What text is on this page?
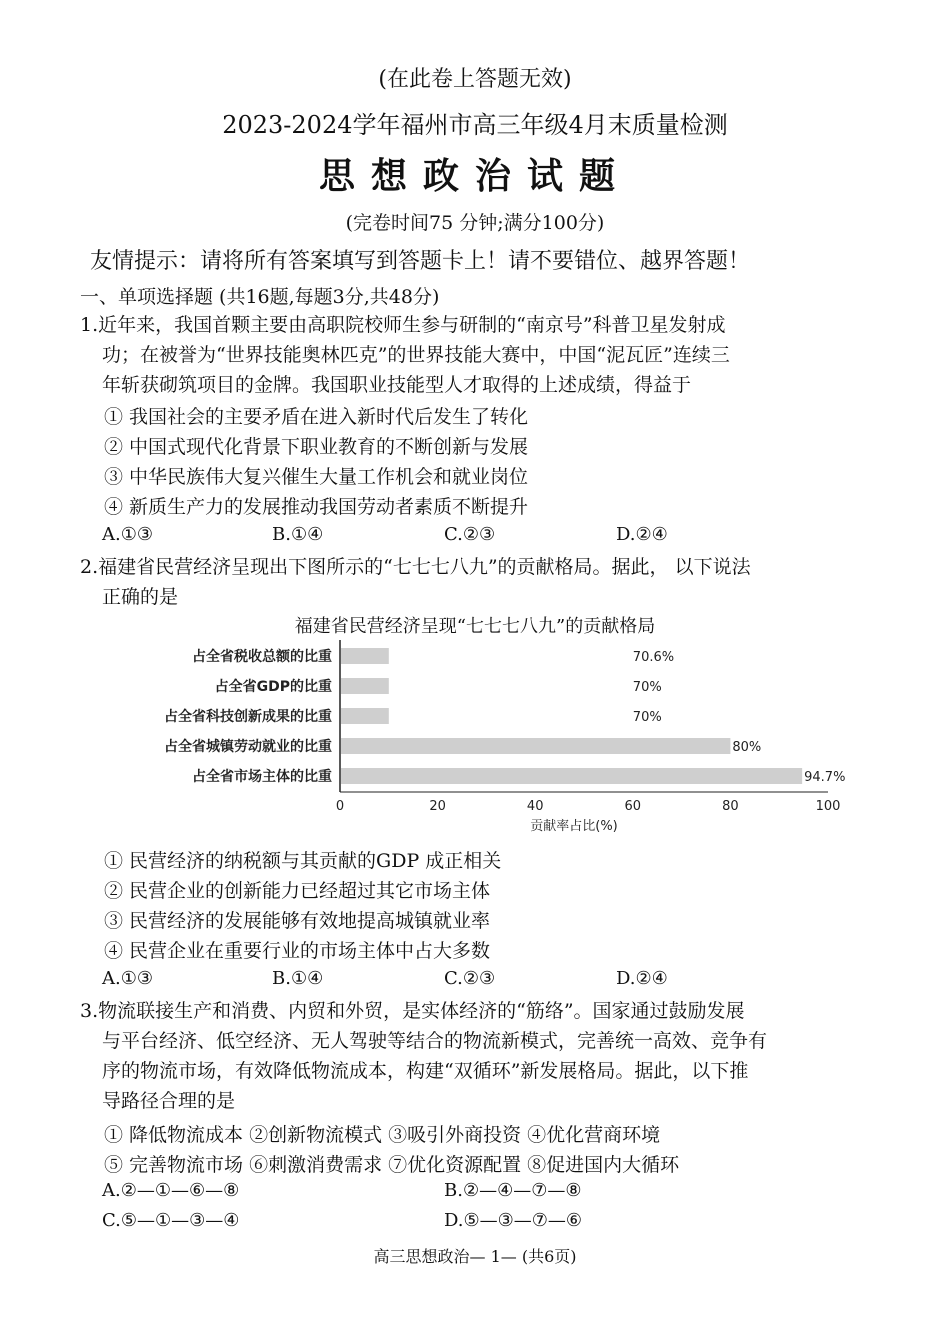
(在此卷上答题无效)
2023-2024学年福州市高三年级4月末质量检测
思想政治试题
(完卷时间75 分钟;满分100分)
友情提示：请将所有答案填写到答题卡上！请不要错位、越界答题！
一、单项选择题 (共16题,每题3分,共48分)
1.近年来，我国首颗主要由高职院校师生参与研制的“南京号”科普卫星发射成
功；在被誉为“世界技能奥林匹克”的世界技能大赛中，中国“泥瓦匠”连续三
年斩获砌筑项目的金牌。我国职业技能型人才取得的上述成绩，得益于
① 我国社会的主要矛盾在进入新时代后发生了转化
② 中国式现代化背景下职业教育的不断创新与发展
③ 中华民族伟大复兴催生大量工作机会和就业岗位
④ 新质生产力的发展推动我国劳动者素质不断提升
A.①③	B.①④	C.②③	D.②④
2.福建省民营经济呈现出下图所示的“七七七八九”的贡献格局。据此， 以下说法
正确的是
福建省民营经济呈现“七七七八九”的贡献格局
占全省税收总额的比重	70.6%
占全省GDP的比重	70%
占全省科技创新成果的比重	70%
占全省城镇劳动就业的比重	80%
占全省市场主体的比重	94.7%
0	20	40	60	80	100
贡献率占比(%)
① 民营经济的纳税额与其贡献的GDP 成正相关
② 民营企业的创新能力已经超过其它市场主体
③ 民营经济的发展能够有效地提高城镇就业率
④ 民营企业在重要行业的市场主体中占大多数
A.①③	B.①④	C.②③	D.②④
3.物流联接生产和消费、内贸和外贸，是实体经济的“筋络”。国家通过鼓励发展
与平台经济、低空经济、无人驾驶等结合的物流新模式，完善统一高效、竞争有
序的物流市场，有效降低物流成本，构建“双循环”新发展格局。据此，以下推
导路径合理的是
① 降低物流成本 ②创新物流模式 ③吸引外商投资 ④优化营商环境
⑤ 完善物流市场 ⑥刺激消费需求 ⑦优化资源配置 ⑧促进国内大循环
A.②—①—⑥—⑧	B.②—④—⑦—⑧
C.⑤—①—③—④	D.⑤—③—⑦—⑥
高三思想政治— 1— (共6页)
